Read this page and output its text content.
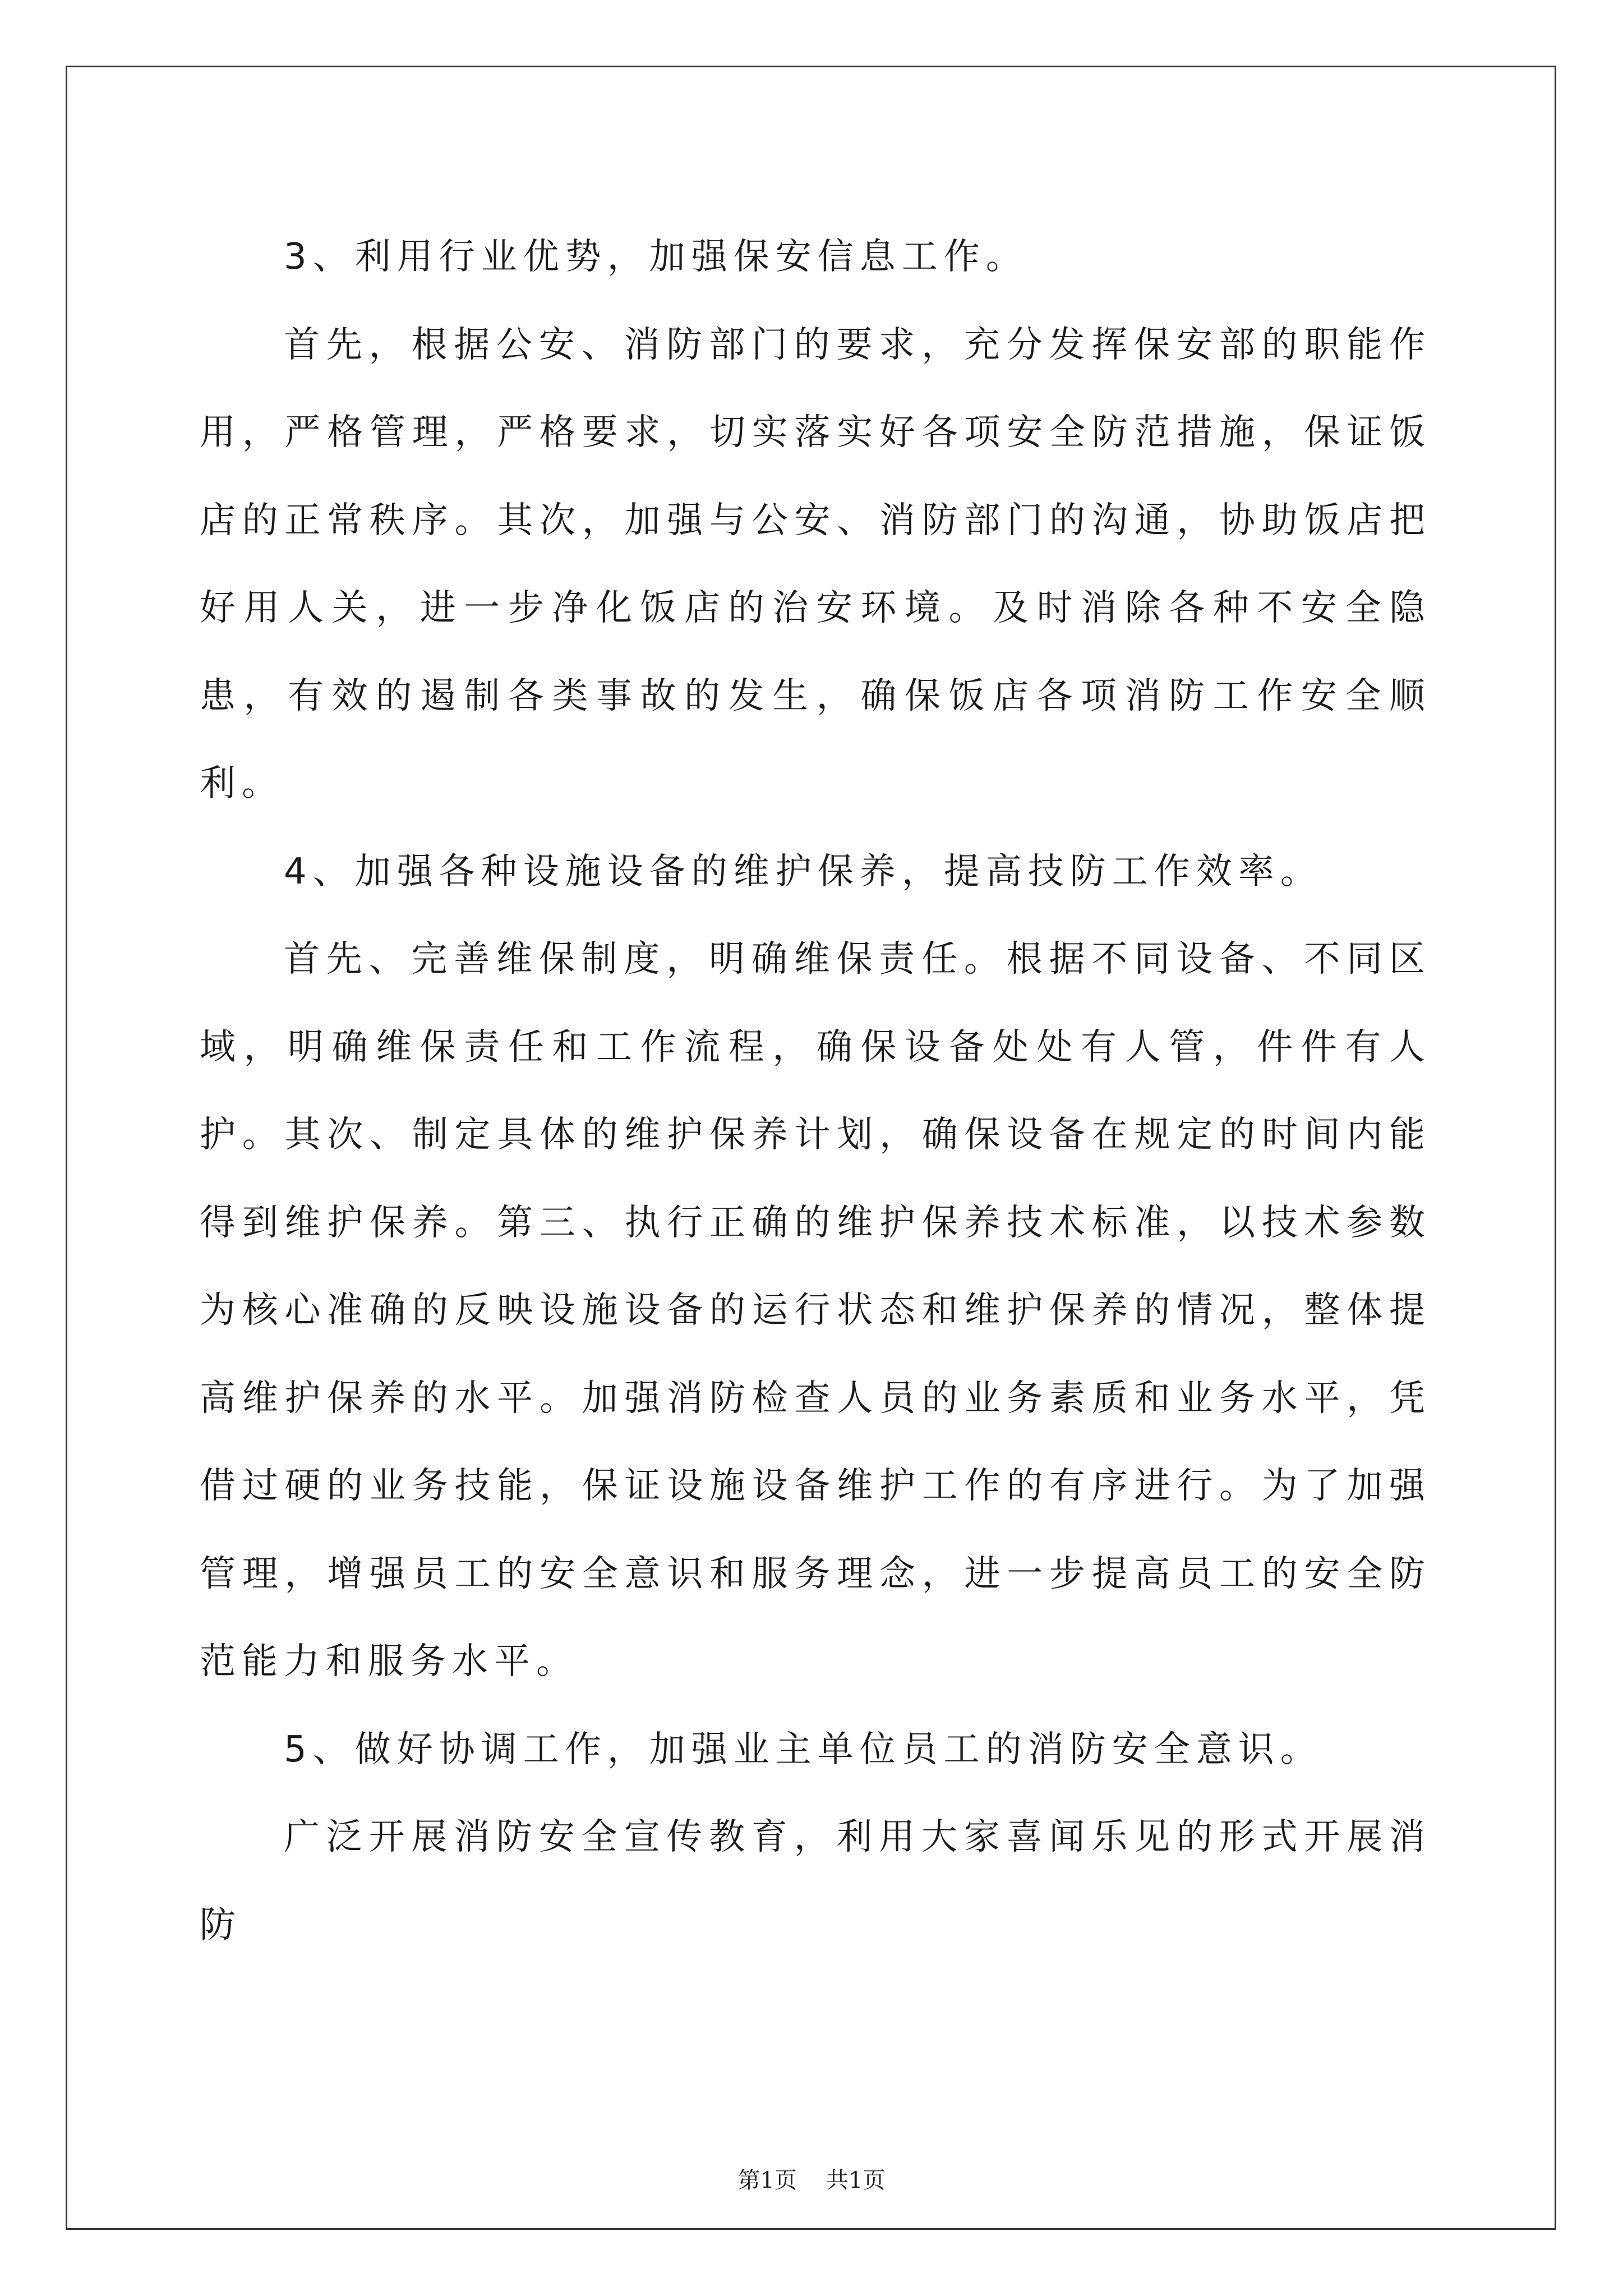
3、利用行业优势，加强保安信息工作。

首先，根据公安、消防部门的要求，充分发挥保安部的职能作用，严格管理，严格要求，切实落实好各项安全防范措施，保证饭店的正常秩序。其次，加强与公安、消防部门的沟通，协助饭店把好用人关，进一步净化饭店的治安环境。及时消除各种不安全隐患，有效的遏制各类事故的发生，确保饭店各项消防工作安全顺利。

4、加强各种设施设备的维护保养，提高技防工作效率。

首先、完善维保制度，明确维保责任。根据不同设备、不同区域，明确维保责任和工作流程，确保设备处处有人管，件件有人护。其次、制定具体的维护保养计划，确保设备在规定的时间内能得到维护保养。第三、执行正确的维护保养技术标准，以技术参数为核心准确的反映设施设备的运行状态和维护保养的情况，整体提高维护保养的水平。加强消防检查人员的业务素质和业务水平，凭借过硬的业务技能，保证设施设备维护工作的有序进行。为了加强管理，增强员工的安全意识和服务理念，进一步提高员工的安全防范能力和服务水平。

5、做好协调工作，加强业主单位员工的消防安全意识。

广泛开展消防安全宣传教育，利用大家喜闻乐见的形式开展消防

第1页 共1页
